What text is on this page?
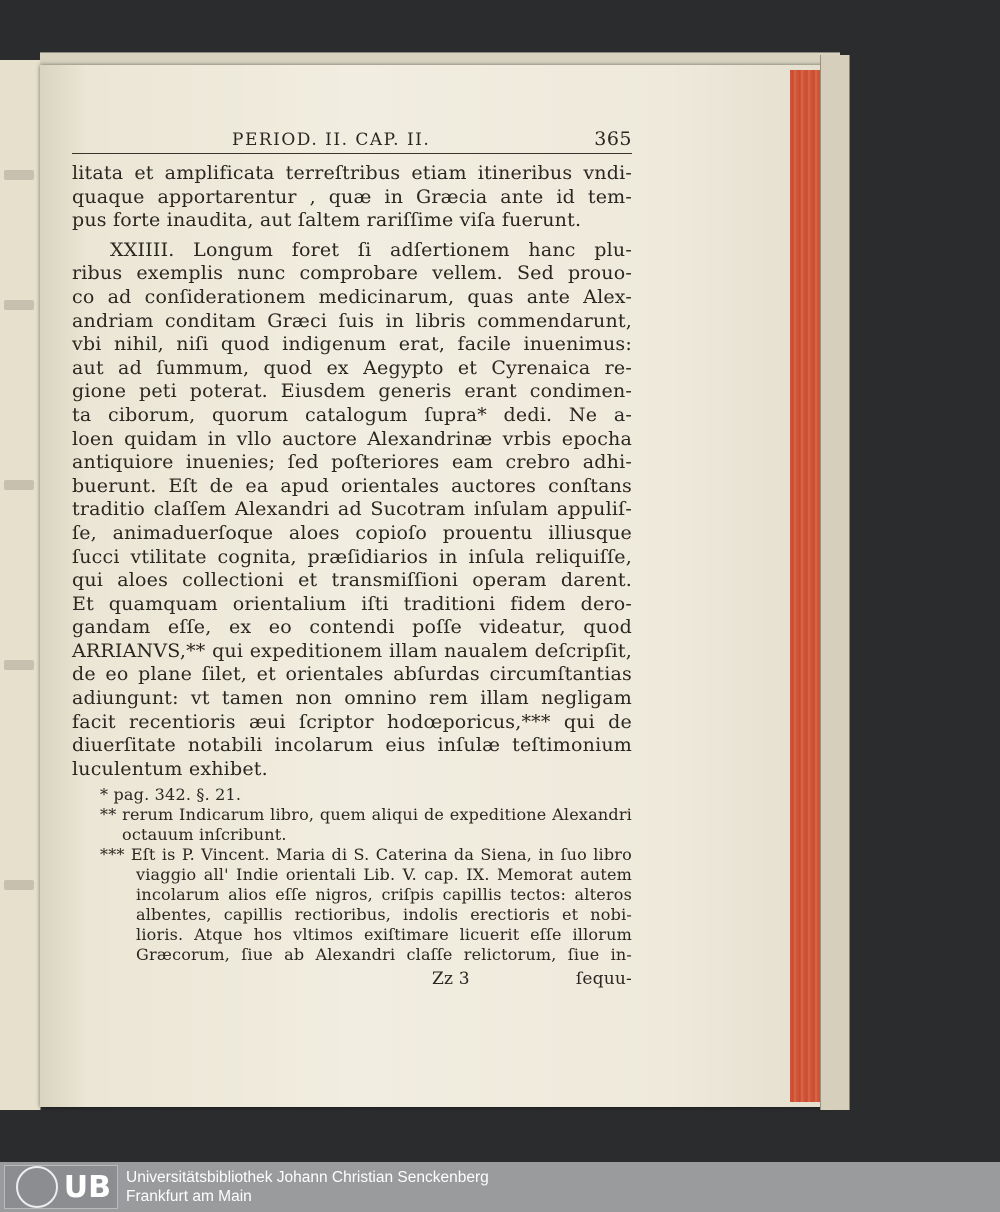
PERIOD. II. CAP. II.	365
litata et amplificata terreſtribus etiam itineribus vndi-
quaque apportarentur , quæ in Græcia ante id tem-
pus forte inaudita, aut ſaltem rariſſime viſa fuerunt.
XXIIII. Longum foret ſi adſertionem hanc plu-
ribus exemplis nunc comprobare vellem. Sed prouo-
co ad conſiderationem medicinarum, quas ante Alex-
andriam conditam Græci ſuis in libris commendarunt,
vbi nihil, niſi quod indigenum erat, facile inuenimus:
aut ad ſummum, quod ex Aegypto et Cyrenaica re-
gione peti poterat. Eiusdem generis erant condimen-
ta ciborum, quorum catalogum ſupra* dedi. Ne a-
loen quidam in vllo auctore Alexandrinæ vrbis epocha
antiquiore inuenies; ſed poſteriores eam crebro adhi-
buerunt. Eſt de ea apud orientales auctores conſtans
traditio claſſem Alexandri ad Sucotram inſulam appuliſ-
ſe, animaduerſoque aloes copioſo prouentu illiusque
ſucci vtilitate cognita, præſidiarios in inſula reliquiſſe,
qui aloes collectioni et transmiſſioni operam darent.
Et quamquam orientalium iſti traditioni fidem dero-
gandam eſſe, ex eo contendi poſſe videatur, quod
ARRIANVS,** qui expeditionem illam naualem deſcripſit,
de eo plane ſilet, et orientales abſurdas circumſtantias
adiungunt: vt tamen non omnino rem illam negligam
facit recentioris æui ſcriptor hodœporicus,*** qui de
diuerſitate notabili incolarum eius inſulæ teſtimonium
luculentum exhibet.
* pag. 342. §. 21.
** rerum Indicarum libro, quem aliqui de expeditione Alexandri
octauum inſcribunt.
*** Eſt is P. Vincent. Maria di S. Caterina da Siena, in ſuo libro
viaggio all' Indie orientali Lib. V. cap. IX. Memorat autem
incolarum alios eſſe nigros, criſpis capillis tectos: alteros
albentes, capillis rectioribus, indolis erectioris et nobi-
lioris. Atque hos vltimos exiſtimare licuerit eſſe illorum
Græcorum, ſiue ab Alexandri claſſe relictorum, ſiue in-
Zz 3	ſequu-
UB Universitätsbibliothek Johann Christian Senckenberg
Frankfurt am Main
